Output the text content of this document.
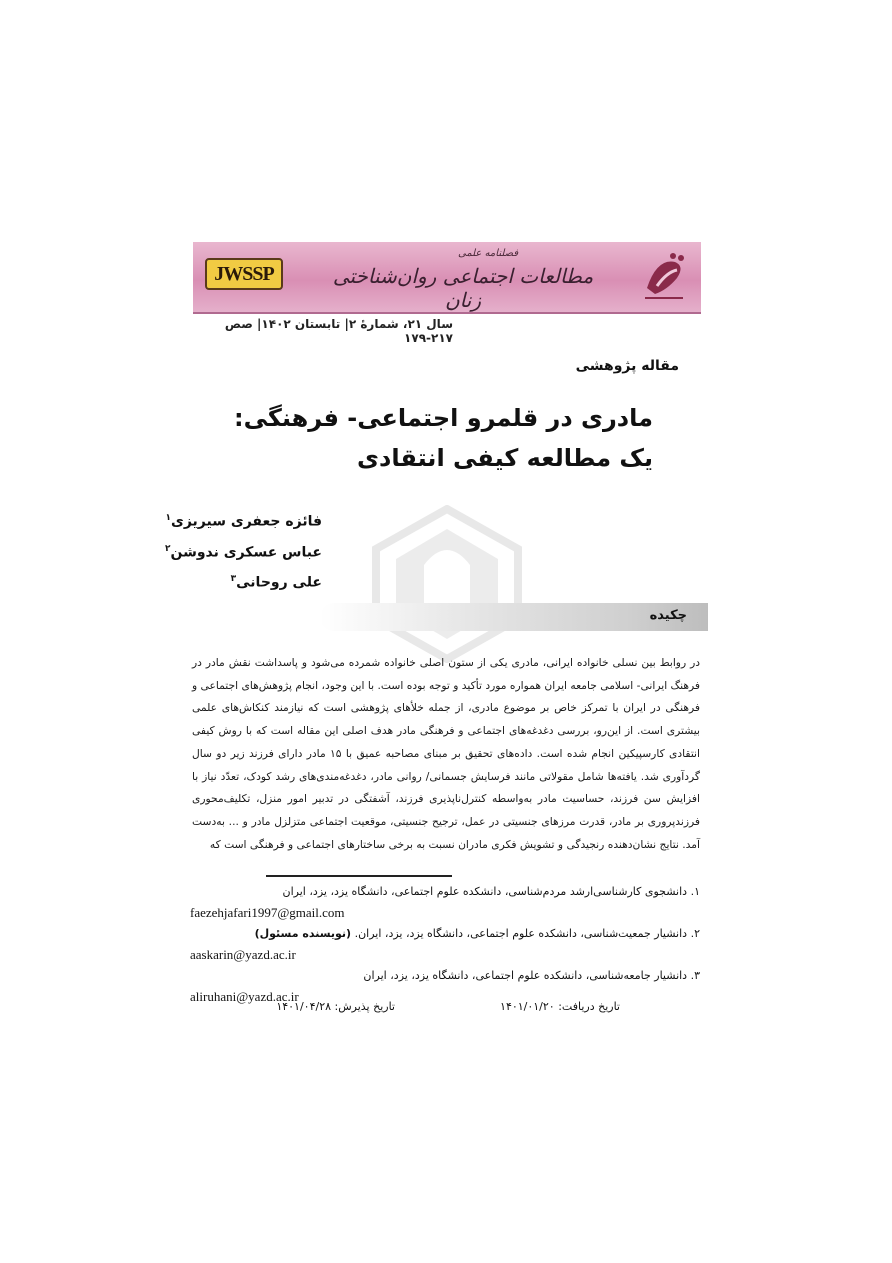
JWSSP
فصلنامه علمی
مطالعات اجتماعی روان‌شناختی زنان
سال ۲۱، شمارۀ ۲| تابستان ۱۴۰۲| صص ۲۱۷-۱۷۹
مقاله پژوهشی
مادری در قلمرو اجتماعی- فرهنگی: یک مطالعه کیفی انتقادی
فائزه جعفری سیریزی$^۱$
عباس عسکری ندوشن$^۲$
علی روحانی$^۳$
چکیده

در روابط بین نسلی خانواده ایرانی، مادری یکی از ستون اصلی خانواده شمرده می‌شود و پاسداشت نقش مادر در فرهنگ ایرانی- اسلامی جامعه ایران همواره مورد تأکید و توجه بوده است. با این وجود، انجام پژوهش‌های اجتماعی و فرهنگی در ایران با تمرکز خاص بر موضوع مادری، از جمله خلأهای پژوهشی است که نیازمند کنکاش‌های علمی بیشتری است. از این‌رو، بررسی دغدغه‌های اجتماعی و فرهنگی مادر هدف اصلی این مقاله است که با روش کیفی انتقادی کارسپیکین انجام شده است. داده‌های تحقیق بر مبنای مصاحبه عمیق با ۱۵ مادر دارای فرزند زیر دو سال گردآوری شد. یافته‌ها شامل مقولاتی مانند فرسایش جسمانی/ روانی مادر، دغدغه‌مندی‌های رشد کودک، تعدّد نیاز با افزایش سن فرزند، حساسیت مادر به‌واسطه کنترل‌ناپذیری فرزند، آشفتگی در تدبیر امور منزل، تکلیف‌محوری فرزندپروری بر مادر، قدرت مرزهای جنسیتی در عمل، ترجیح جنسیتی، موقعیت اجتماعی متزلزل مادر و ... به‌دست آمد. نتایج نشان‌دهنده رنجیدگی و تشویش فکری مادران نسبت به برخی ساختارهای اجتماعی و فرهنگی است که

۱. دانشجوی کارشناسی‌ارشد مردم‌شناسی، دانشکده علوم اجتماعی، دانشگاه یزد، یزد، ایران
faezehjafari1997@gmail.com
۲. دانشیار جمعیت‌شناسی، دانشکده علوم اجتماعی، دانشگاه یزد، یزد، ایران. (نویسنده مسئول)
aaskarin@yazd.ac.ir
۳. دانشیار جامعه‌شناسی، دانشکده علوم اجتماعی، دانشگاه یزد، یزد، ایران
aliruhani@yazd.ac.ir
تاریخ دریافت: ۱۴۰۱/۰۱/۲۰
تاریخ پذیرش: ۱۴۰۱/۰۴/۲۸
